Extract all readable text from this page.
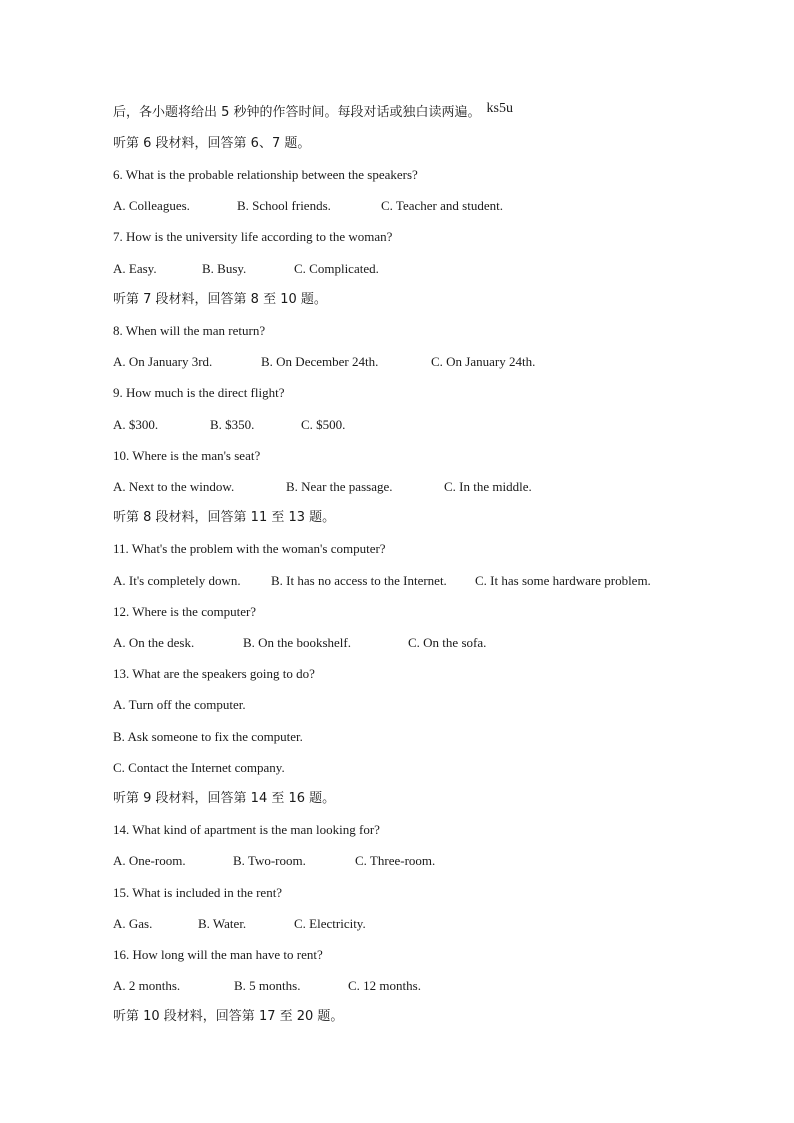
后，各小题将给出 5 秒钟的作答时间。每段对话或独白读两遍。 ks5u
听第 6 段材料，回答第 6、7 题。
6. What is the probable relationship between the speakers?
A. Colleagues.	B. School friends.	C. Teacher and student.
7. How is the university life according to the woman?
A. Easy.	B. Busy.	C. Complicated.
听第 7 段材料，回答第 8 至 10 题。
8. When will the man return?
A. On January 3rd.	B. On December 24th.	C. On January 24th.
9. How much is the direct flight?
A. $300.	B. $350.	C. $500.
10. Where is the man's seat?
A. Next to the window.	B. Near the passage.	C. In the middle.
听第 8 段材料，回答第 11 至 13 题。
11. What's the problem with the woman's computer?
A. It's completely down. B. It has no access to the Internet. C. It has some hardware problem.
12. Where is the computer?
A. On the desk.	B. On the bookshelf.	C. On the sofa.
13. What are the speakers going to do?
A. Turn off the computer.
B. Ask someone to fix the computer.
C. Contact the Internet company.
听第 9 段材料，回答第 14 至 16 题。
14. What kind of apartment is the man looking for?
A. One-room.	B. Two-room.	C. Three-room.
15. What is included in the rent?
A. Gas.	B. Water.	C. Electricity.
16. How long will the man have to rent?
A. 2 months.	B. 5 months.	C. 12 months.
听第 10 段材料，回答第 17 至 20 题。
